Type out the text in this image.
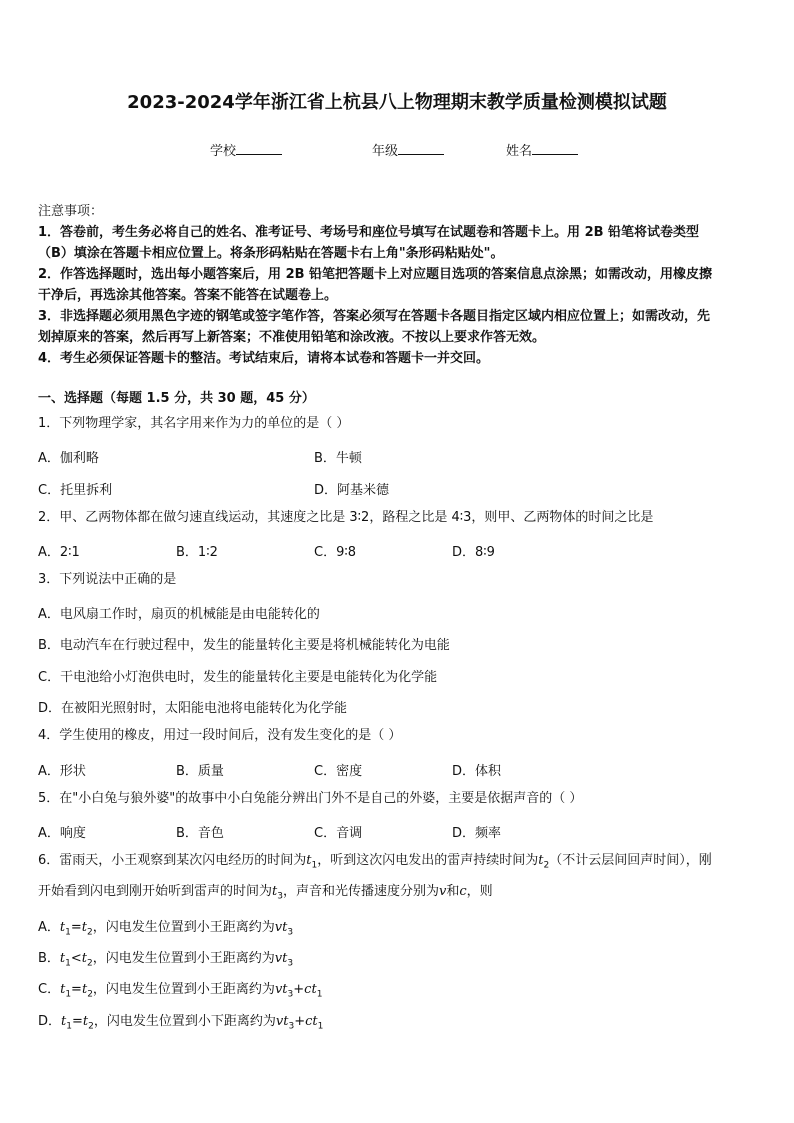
2023-2024学年浙江省上杭县八上物理期末教学质量检测模拟试题
学校	年级	姓名
注意事项：
1．答卷前，考生务必将自己的姓名、准考证号、考场号和座位号填写在试题卷和答题卡上。用 2B 铅笔将试卷类型
（B）填涂在答题卡相应位置上。将条形码粘贴在答题卡右上角"条形码粘贴处"。
2．作答选择题时，选出每小题答案后，用 2B 铅笔把答题卡上对应题目选项的答案信息点涂黑；如需改动，用橡皮擦
干净后，再选涂其他答案。答案不能答在试题卷上。
3．非选择题必须用黑色字迹的钢笔或签字笔作答，答案必须写在答题卡各题目指定区域内相应位置上；如需改动，先
划掉原来的答案，然后再写上新答案；不准使用铅笔和涂改液。不按以上要求作答无效。
4．考生必须保证答题卡的整洁。考试结束后，请将本试卷和答题卡一并交回。
一、选择题（每题 1.5 分，共 30 题，45 分）
1．下列物理学家，其名字用来作为力的单位的是（ ）
A．伽利略	B．牛顿
C．托里拆利	D．阿基米德
2．甲、乙两物体都在做匀速直线运动，其速度之比是 3∶2，路程之比是 4∶3，则甲、乙两物体的时间之比是
A．2∶1	B．1∶2	C．9∶8	D．8∶9
3．下列说法中正确的是
A．电风扇工作时，扇页的机械能是由电能转化的
B．电动汽车在行驶过程中，发生的能量转化主要是将机械能转化为电能
C．干电池给小灯泡供电时，发生的能量转化主要是电能转化为化学能
D．在被阳光照射时，太阳能电池将电能转化为化学能
4．学生使用的橡皮，用过一段时间后，没有发生变化的是（ ）
A．形状	B．质量	C．密度	D．体积
5．在"小白兔与狼外婆"的故事中小白兔能分辨出门外不是自己的外婆，主要是依据声音的（ ）
A．响度	B．音色	C．音调	D．频率
6．雷雨天，小王观察到某次闪电经历的时间为$t_1$，听到这次闪电发出的雷声持续时间为$t_2$（不计云层间回声时间），刚
开始看到闪电到刚开始听到雷声的时间为$t_3$，声音和光传播速度分别为v和c，则
A．$t_1=t_2$，闪电发生位置到小王距离约为$vt_3$
B．$t_1<t_2$，闪电发生位置到小王距离约为$vt_3$
C．$t_1=t_2$，闪电发生位置到小王距离约为$vt_3+ct_1$
D．$t_1=t_2$，闪电发生位置到小下距离约为$vt_3+ct_1$
